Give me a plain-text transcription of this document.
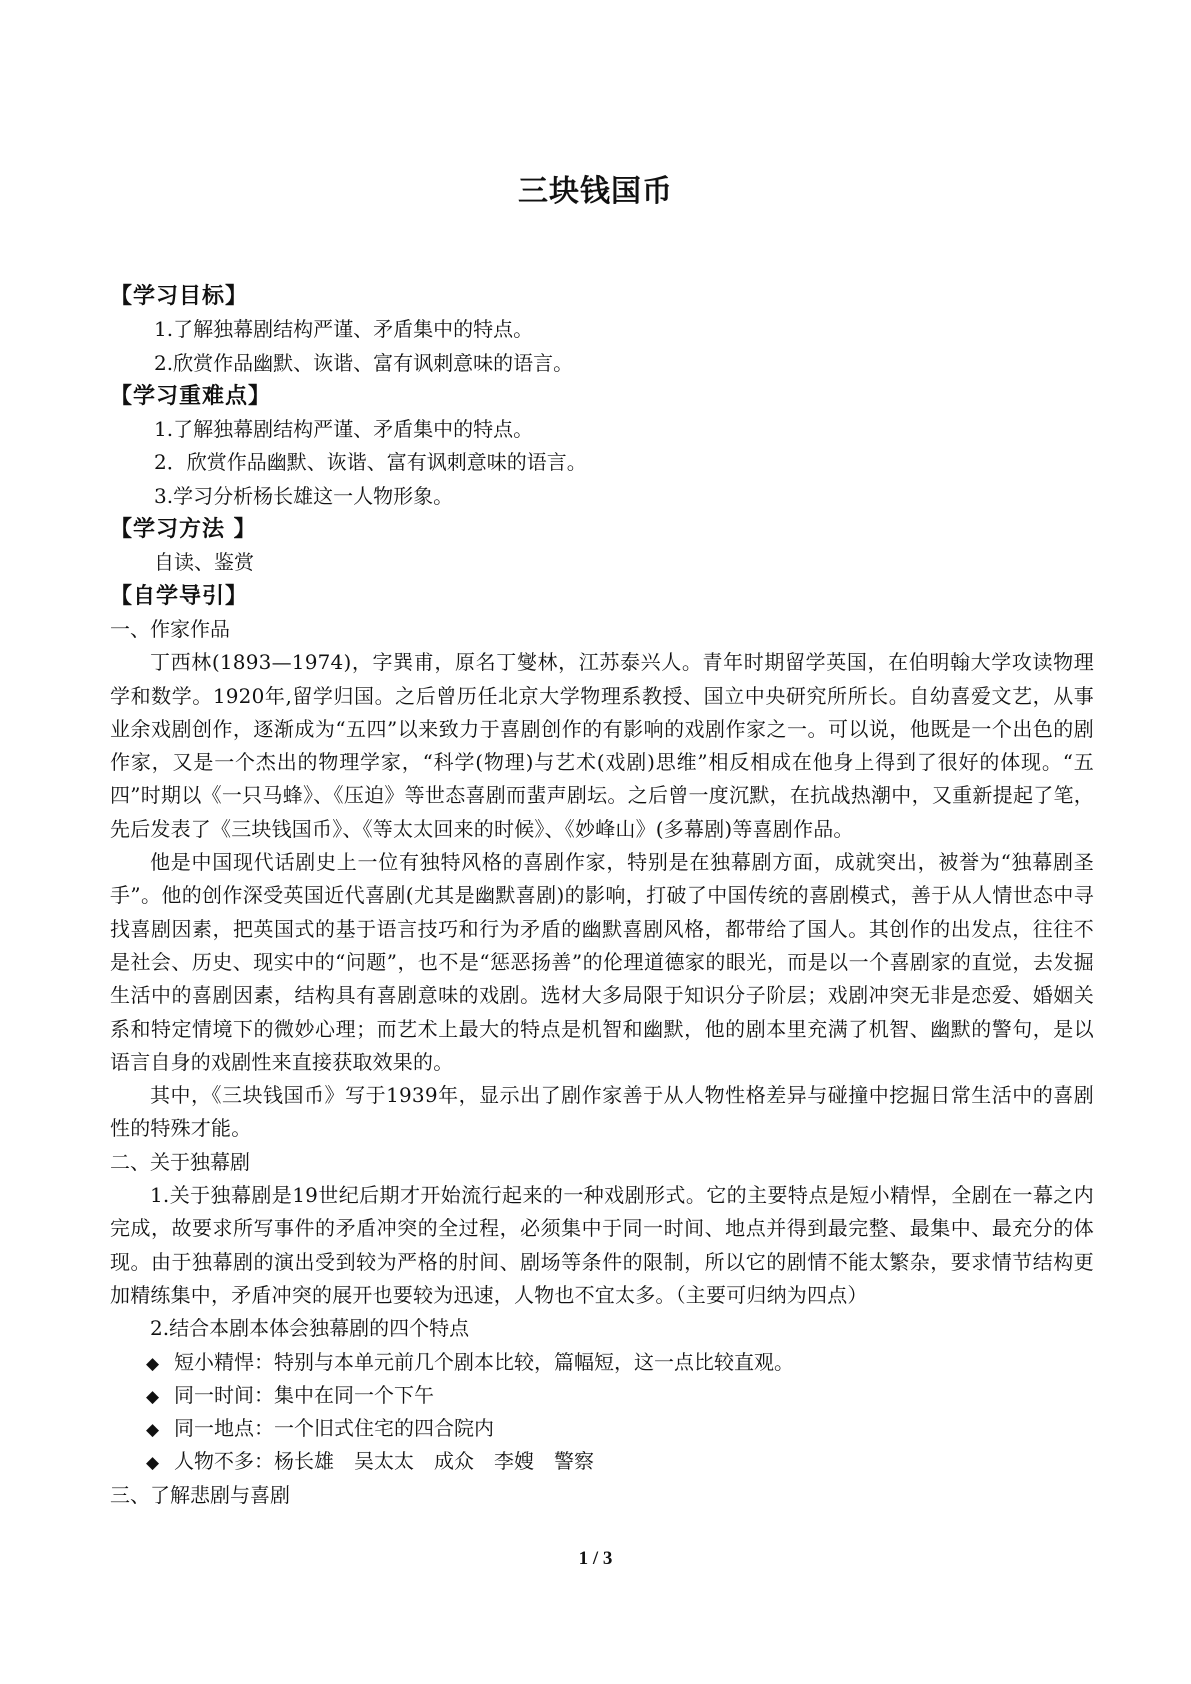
三块钱国币
【学习目标】
1.了解独幕剧结构严谨、矛盾集中的特点。
2.欣赏作品幽默、诙谐、富有讽刺意味的语言。
【学习重难点】
1.了解独幕剧结构严谨、矛盾集中的特点。
2．欣赏作品幽默、诙谐、富有讽刺意味的语言。
3.学习分析杨长雄这一人物形象。
【学习方法 】
自读、鉴赏
【自学导引】
一、作家作品
丁西林(1893—1974)，字巽甫，原名丁燮林，江苏泰兴人。青年时期留学英国，在伯明翰大学攻读物理学和数学。1920年,留学归国。之后曾历任北京大学物理系教授、国立中央研究所所长。自幼喜爱文艺，从事业余戏剧创作，逐渐成为“五四”以来致力于喜剧创作的有影响的戏剧作家之一。可以说，他既是一个出色的剧作家，又是一个杰出的物理学家，“科学(物理)与艺术(戏剧)思维”相反相成在他身上得到了很好的体现。“五四”时期以《一只马蜂》、《压迫》等世态喜剧而蜚声剧坛。之后曾一度沉默，在抗战热潮中，又重新提起了笔，先后发表了《三块钱国币》、《等太太回来的时候》、《妙峰山》(多幕剧)等喜剧作品。
他是中国现代话剧史上一位有独特风格的喜剧作家，特别是在独幕剧方面，成就突出，被誉为“独幕剧圣手”。他的创作深受英国近代喜剧(尤其是幽默喜剧)的影响，打破了中国传统的喜剧模式，善于从人情世态中寻找喜剧因素，把英国式的基于语言技巧和行为矛盾的幽默喜剧风格，都带给了国人。其创作的出发点，往往不是社会、历史、现实中的“问题”，也不是“惩恶扬善”的伦理道德家的眼光，而是以一个喜剧家的直觉，去发掘生活中的喜剧因素，结构具有喜剧意味的戏剧。选材大多局限于知识分子阶层；戏剧冲突无非是恋爱、婚姻关系和特定情境下的微妙心理；而艺术上最大的特点是机智和幽默，他的剧本里充满了机智、幽默的警句，是以语言自身的戏剧性来直接获取效果的。
其中，《三块钱国币》写于1939年，显示出了剧作家善于从人物性格差异与碰撞中挖掘日常生活中的喜剧性的特殊才能。
二、关于独幕剧
1.关于独幕剧是19世纪后期才开始流行起来的一种戏剧形式。它的主要特点是短小精悍，全剧在一幕之内完成，故要求所写事件的矛盾冲突的全过程，必须集中于同一时间、地点并得到最完整、最集中、最充分的体现。由于独幕剧的演出受到较为严格的肘间、剧场等条件的限制，所以它的剧情不能太繁杂，要求情节结构更加精练集中，矛盾冲突的展开也要较为迅速，人物也不宜太多。（主要可归纳为四点）
2.结合本剧本体会独幕剧的四个特点
◆ 短小精悍：特别与本单元前几个剧本比较，篇幅短，这一点比较直观。
◆ 同一时间：集中在同一个下午
◆ 同一地点：一个旧式住宅的四合院内
◆ 人物不多：杨长雄　吴太太　成众　李嫂　警察
三、了解悲剧与喜剧
1 / 3
